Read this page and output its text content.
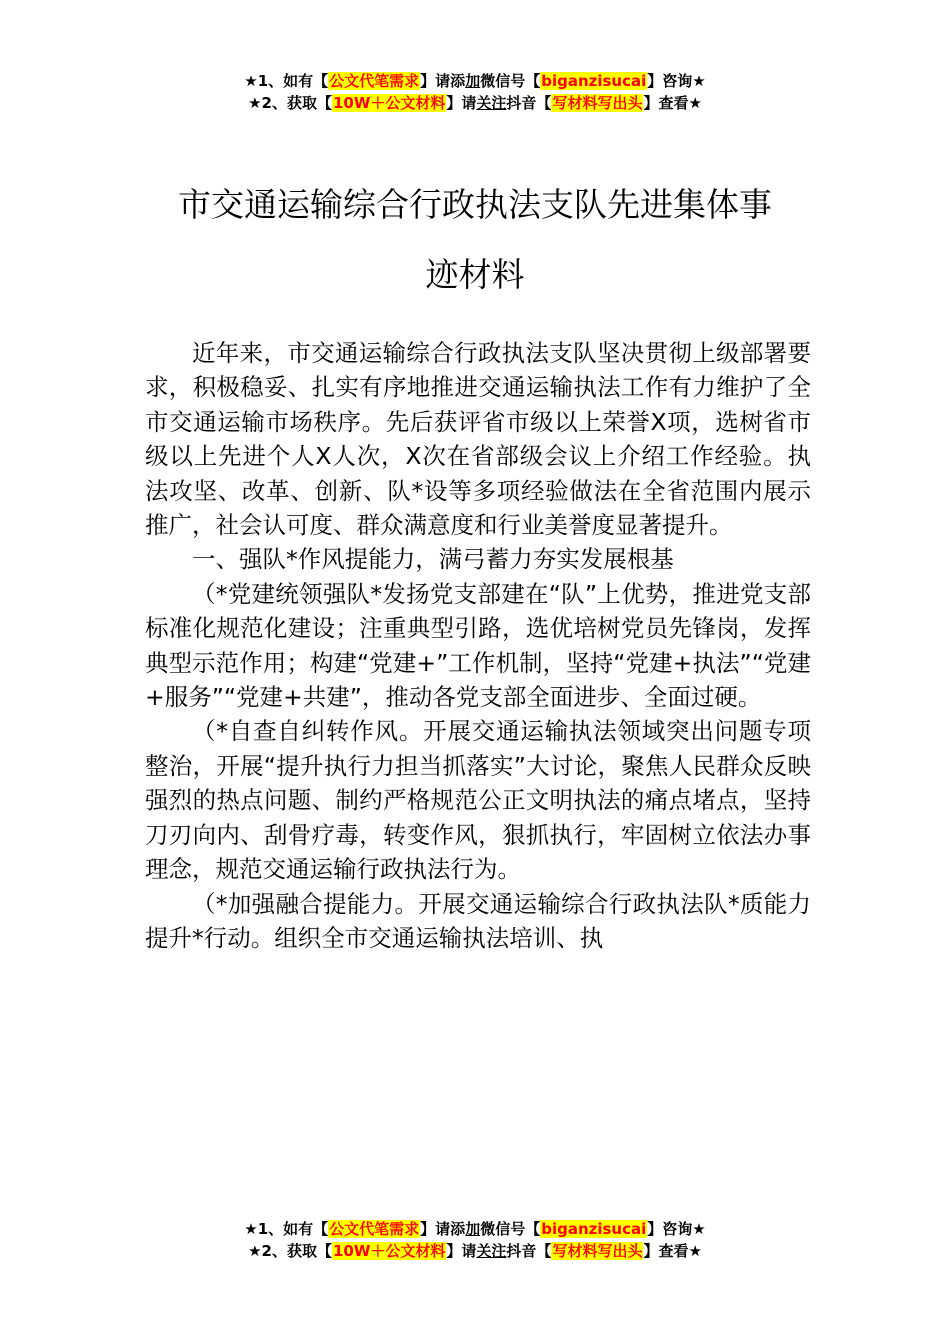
★1、如有【公文代笔需求】请添加微信号【biganzisucai】咨询★
★2、获取【10W＋公文材料】请关注抖音【写材料写出头】查看★
市交通运输综合行政执法支队先进集体事
迹材料

近年来，市交通运输综合行政执法支队坚决贯彻上级部署要求，积极稳妥、扎实有序地推进交通运输执法工作有力维护了全市交通运输市场秩序。先后获评省市级以上荣誉X项，选树省市级以上先进个人X人次，X次在省部级会议上介绍工作经验。执法攻坚、改革、创新、队*设等多项经验做法在全省范围内展示推广，社会认可度、群众满意度和行业美誉度显著提升。

一、强队*作风提能力，满弓蓄力夯实发展根基

（*党建统领强队*发扬党支部建在“队”上优势，推进党支部标准化规范化建设；注重典型引路，选优培树党员先锋岗，发挥典型示范作用；构建“党建+”工作机制，坚持“党建+执法”“党建+服务”“党建+共建”，推动各党支部全面进步、全面过硬。

（*自查自纠转作风。开展交通运输执法领域突出问题专项整治，开展“提升执行力担当抓落实”大讨论，聚焦人民群众反映强烈的热点问题、制约严格规范公正文明执法的痛点堵点，坚持刀刃向内、刮骨疗毒，转变作风，狠抓执行，牢固树立依法办事理念，规范交通运输行政执法行为。

（*加强融合提能力。开展交通运输综合行政执法队*质能力提升*行动。组织全市交通运输执法培训、执

★1、如有【公文代笔需求】请添加微信号【biganzisucai】咨询★
★2、获取【10W＋公文材料】请关注抖音【写材料写出头】查看★
